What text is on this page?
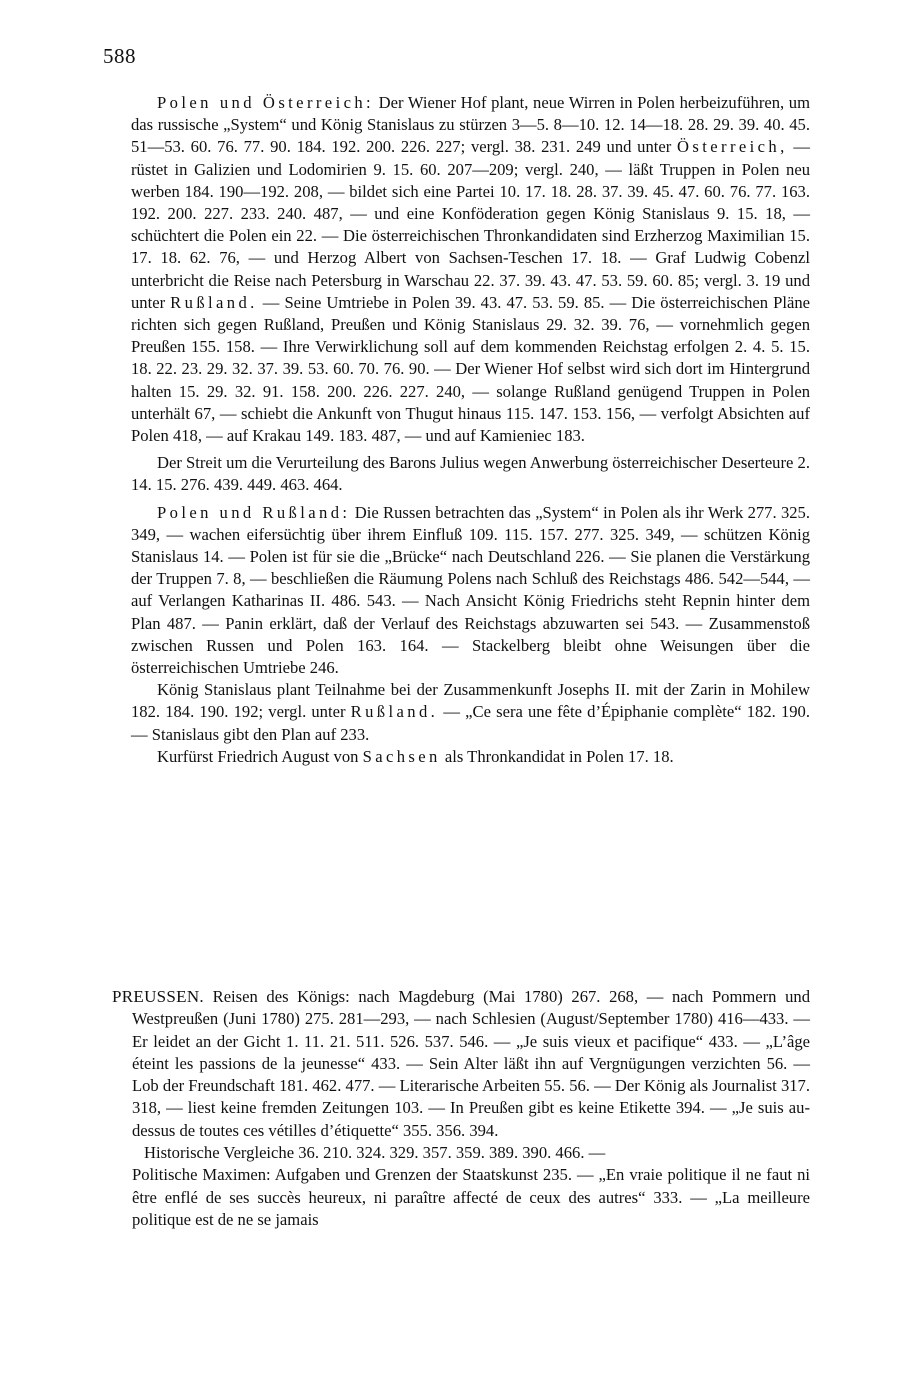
588

Polen und Österreich: Der Wiener Hof plant, neue Wirren in Polen herbeizuführen, um das russische „System“ und König Stanislaus zu stürzen 3—5. 8—10. 12. 14—18. 28. 29. 39. 40. 45. 51—53. 60. 76. 77. 90. 184. 192. 200. 226. 227; vergl. 38. 231. 249 und unter Österreich, — rüstet in Galizien und Lodomirien 9. 15. 60. 207—209; vergl. 240, — läßt Truppen in Polen neu werben 184. 190—192. 208, — bildet sich eine Partei 10. 17. 18. 28. 37. 39. 45. 47. 60. 76. 77. 163. 192. 200. 227. 233. 240. 487, — und eine Konföderation gegen König Stanislaus 9. 15. 18, — schüchtert die Polen ein 22. — Die österreichischen Thronkandidaten sind Erzherzog Maximilian 15. 17. 18. 62. 76, — und Herzog Albert von Sachsen-Teschen 17. 18. — Graf Ludwig Cobenzl unterbricht die Reise nach Petersburg in Warschau 22. 37. 39. 43. 47. 53. 59. 60. 85; vergl. 3. 19 und unter Rußland. — Seine Umtriebe in Polen 39. 43. 47. 53. 59. 85. — Die österreichischen Pläne richten sich gegen Rußland, Preußen und König Stanislaus 29. 32. 39. 76, — vornehmlich gegen Preußen 155. 158. — Ihre Verwirklichung soll auf dem kommenden Reichstag erfolgen 2. 4. 5. 15. 18. 22. 23. 29. 32. 37. 39. 53. 60. 70. 76. 90. — Der Wiener Hof selbst wird sich dort im Hintergrund halten 15. 29. 32. 91. 158. 200. 226. 227. 240, — solange Rußland genügend Truppen in Polen unterhält 67, — schiebt die Ankunft von Thugut hinaus 115. 147. 153. 156, — verfolgt Absichten auf Polen 418, — auf Krakau 149. 183. 487, — und auf Kamieniec 183.

Der Streit um die Verurteilung des Barons Julius wegen Anwerbung österreichischer Deserteure 2. 14. 15. 276. 439. 449. 463. 464.

Polen und Rußland: Die Russen betrachten das „System“ in Polen als ihr Werk 277. 325. 349, — wachen eifersüchtig über ihrem Einfluß 109. 115. 157. 277. 325. 349, — schützen König Stanislaus 14. — Polen ist für sie die „Brücke“ nach Deutschland 226. — Sie planen die Verstärkung der Truppen 7. 8, — beschließen die Räumung Polens nach Schluß des Reichstags 486. 542—544, — auf Verlangen Katharinas II. 486. 543. — Nach Ansicht König Friedrichs steht Repnin hinter dem Plan 487. — Panin erklärt, daß der Verlauf des Reichstags abzuwarten sei 543. — Zusammenstoß zwischen Russen und Polen 163. 164. — Stackelberg bleibt ohne Weisungen über die österreichischen Umtriebe 246.

König Stanislaus plant Teilnahme bei der Zusammenkunft Josephs II. mit der Zarin in Mohilew 182. 184. 190. 192; vergl. unter Rußland. — „Ce sera une fête d’Épiphanie complète“ 182. 190. — Stanislaus gibt den Plan auf 233.

Kurfürst Friedrich August von Sachsen als Thronkandidat in Polen 17. 18.

PREUSSEN. Reisen des Königs: nach Magdeburg (Mai 1780) 267. 268, — nach Pommern und Westpreußen (Juni 1780) 275. 281—293, — nach Schlesien (August/September 1780) 416—433. — Er leidet an der Gicht 1. 11. 21. 511. 526. 537. 546. — „Je suis vieux et pacifique“ 433. — „L’âge éteint les passions de la jeunesse“ 433. — Sein Alter läßt ihn auf Vergnügungen verzichten 56. — Lob der Freundschaft 181. 462. 477. — Literarische Arbeiten 55. 56. — Der König als Journalist 317. 318, — liest keine fremden Zeitungen 103. — In Preußen gibt es keine Etikette 394. — „Je suis au-dessus de toutes ces vétilles d’étiquette“ 355. 356. 394.

Historische Vergleiche 36. 210. 324. 329. 357. 359. 389. 390. 466. —

Politische Maximen: Aufgaben und Grenzen der Staatskunst 235. — „En vraie politique il ne faut ni être enflé de ses succès heureux, ni paraître affecté de ceux des autres“ 333. — „La meilleure politique est de ne se jamais
